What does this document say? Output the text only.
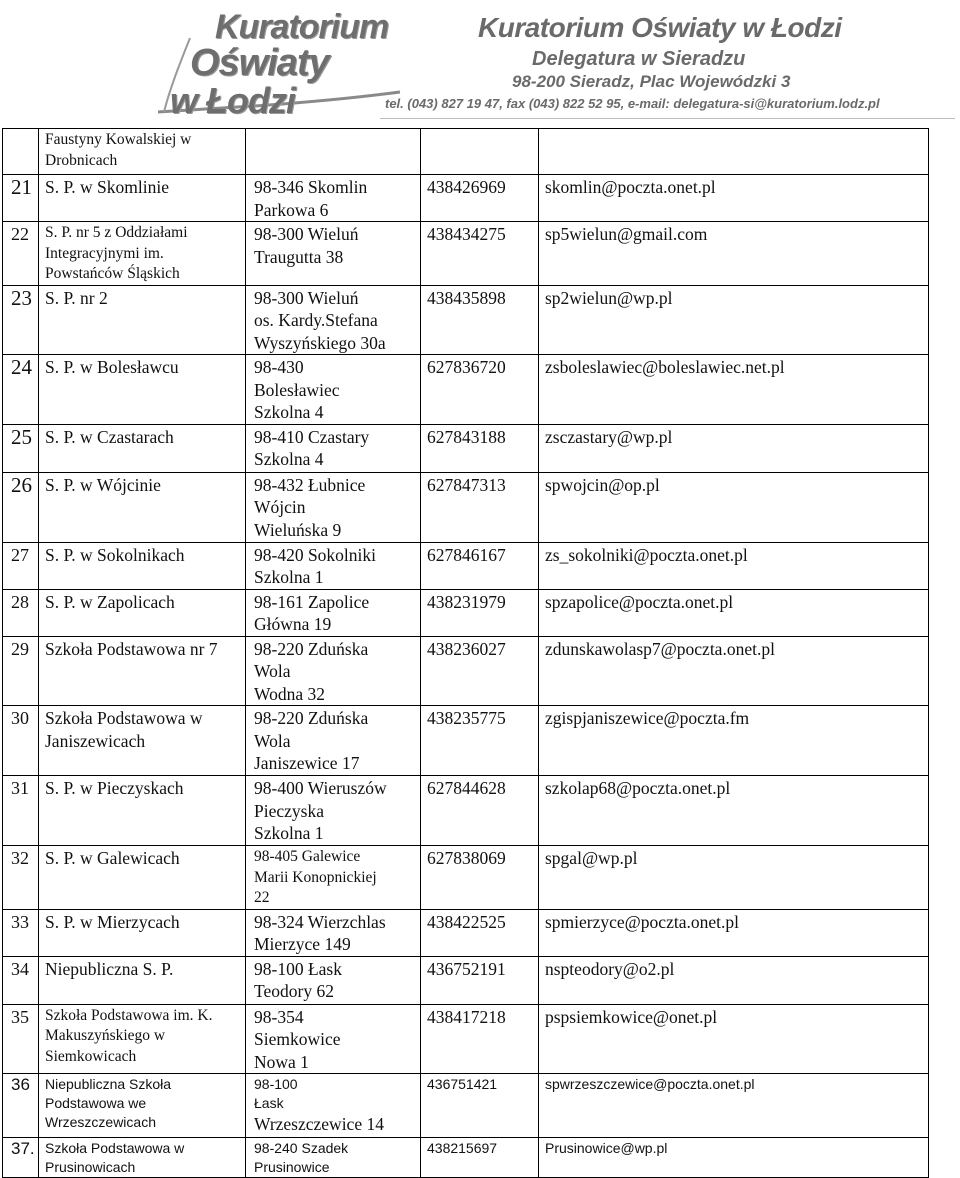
Kuratorium
Oświaty
w Łodzi
Kuratorium Oświaty w Łodzi
Delegatura w Sieradzu
98-200 Sieradz, Plac Wojewódzki 3
tel. (043) 827 19 47, fax (043) 822 52 95, e-mail: delegatura-si@kuratorium.lodz.pl
	Faustyny Kowalskiej w Drobnicach			
21	S. P. w Skomlinie	98-346 Skomlin
Parkowa 6	438426969	skomlin@poczta.onet.pl
22	S. P. nr 5 z Oddziałami Integracyjnymi im. Powstańców Śląskich	98-300 Wieluń
Traugutta 38	438434275	sp5wielun@gmail.com
23	S. P. nr 2	98-300 Wieluń
os. Kardy.Stefana
Wyszyńskiego 30a	438435898	sp2wielun@wp.pl
24	S. P. w Bolesławcu	98-430
Bolesławiec
Szkolna 4	627836720	zsboleslawiec@boleslawiec.net.pl
25	S. P. w Czastarach	98-410 Czastary
Szkolna 4	627843188	zsczastary@wp.pl
26	S. P. w Wójcinie	98-432 Łubnice
Wójcin
Wieluńska 9	627847313	spwojcin@op.pl
27	S. P. w Sokolnikach	98-420 Sokolniki
Szkolna 1	627846167	zs_sokolniki@poczta.onet.pl
28	S. P. w Zapolicach	98-161 Zapolice
Główna 19	438231979	spzapolice@poczta.onet.pl
29	Szkoła Podstawowa nr 7	98-220 Zduńska
Wola
Wodna 32	438236027	zdunskawolasp7@poczta.onet.pl
30	Szkoła Podstawowa w Janiszewicach	98-220 Zduńska
Wola
Janiszewice 17	438235775	zgispjaniszewice@poczta.fm
31	S. P. w Pieczyskach	98-400 Wieruszów
Pieczyska
Szkolna 1	627844628	szkolap68@poczta.onet.pl
32	S. P. w Galewicach	98-405 Galewice
Marii Konopnickiej
22	627838069	spgal@wp.pl
33	S. P. w Mierzycach	98-324 Wierzchlas
Mierzyce 149	438422525	spmierzyce@poczta.onet.pl
34	Niepubliczna S. P.	98-100 Łask
Teodory 62	436752191	nspteodory@o2.pl
35	Szkoła Podstawowa im. K. Makuszyńskiego w Siemkowicach	98-354
Siemkowice
Nowa 1	438417218	pspsiemkowice@onet.pl
36	Niepubliczna Szkoła Podstawowa we Wrzeszczewicach	98-100
Łask
Wrzeszczewice 14	436751421	spwrzeszczewice@poczta.onet.pl
37.	Szkoła Podstawowa w Prusinowicach	98-240 Szadek
Prusinowice	438215697	Prusinowice@wp.pl
